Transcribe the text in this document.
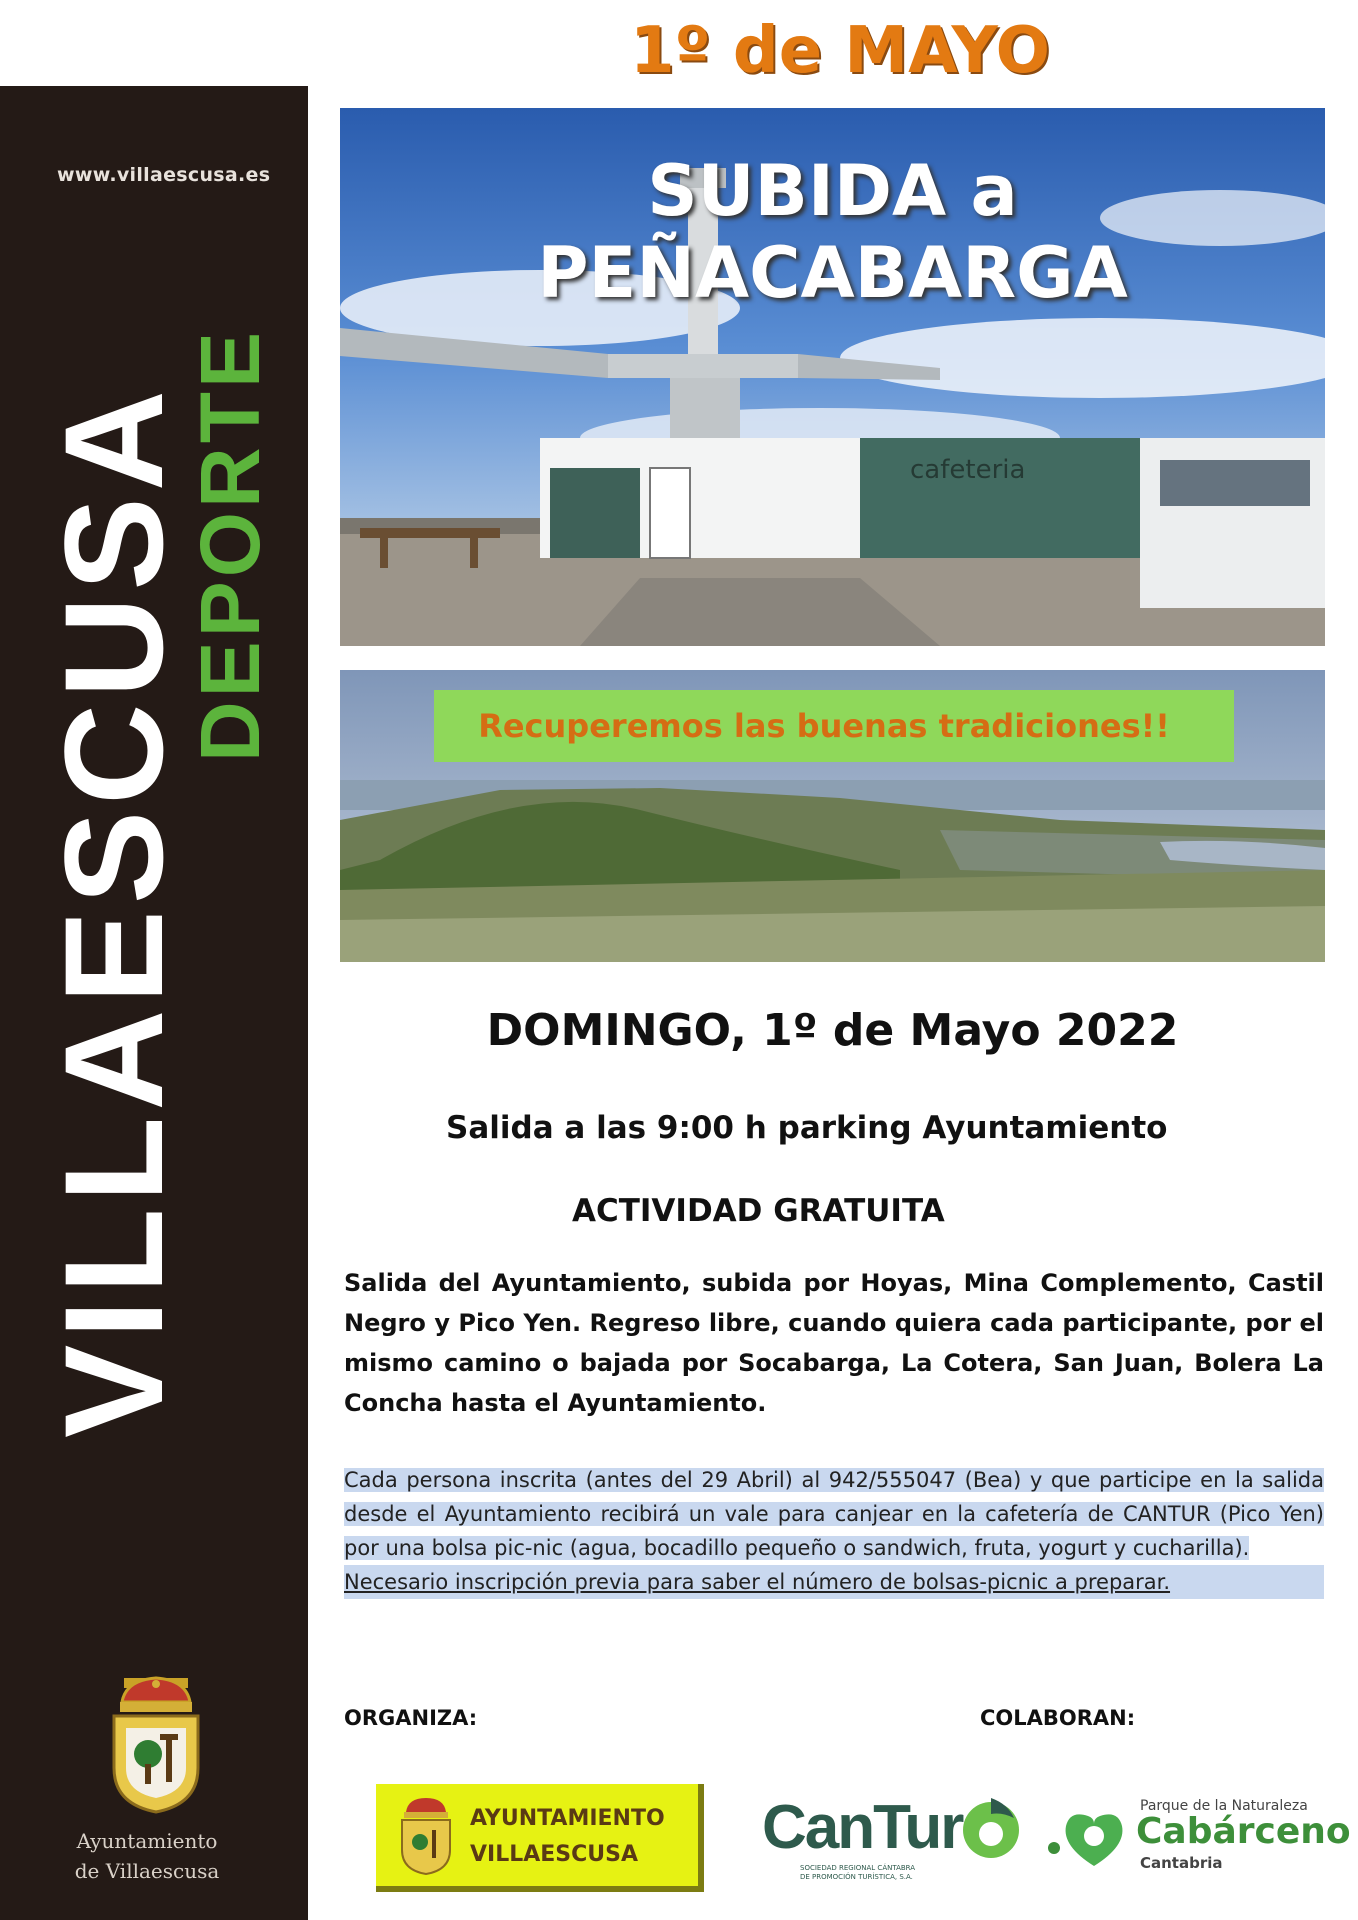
www.villaescusa.es
VILLAESCUSA
DEPORTE
Ayuntamiento
de Villaescusa
1º de MAYO
cafeteria
SUBIDA a PEÑACABARGA
Recuperemos las buenas tradiciones!!
DOMINGO, 1º de Mayo 2022
Salida a las 9:00 h parking Ayuntamiento
ACTIVIDAD GRATUITA
Salida del Ayuntamiento, subida por Hoyas, Mina Complemento, Castil Negro y Pico Yen. Regreso libre, cuando quiera cada participante, por el mismo camino o bajada por Socabarga, La Cotera, San Juan, Bolera La Concha hasta el Ayuntamiento.
Cada persona inscrita (antes del 29 Abril) al 942/555047 (Bea) y que participe en la salida desde el Ayuntamiento recibirá un vale para canjear en la cafetería de CANTUR (Pico Yen) por una bolsa pic-nic (agua, bocadillo pequeño o sandwich, fruta, yogurt y cucharilla).
Necesario inscripción previa para saber el número de bolsas-picnic a preparar.
ORGANIZA:	COLABORAN:
AYUNTAMIENTO
VILLAESCUSA CanTur
SOCIEDAD REGIONAL CÁNTABRA
DE PROMOCIÓN TURÍSTICA, S.A.
Parque de la Naturaleza
Cabárceno
Cantabria
